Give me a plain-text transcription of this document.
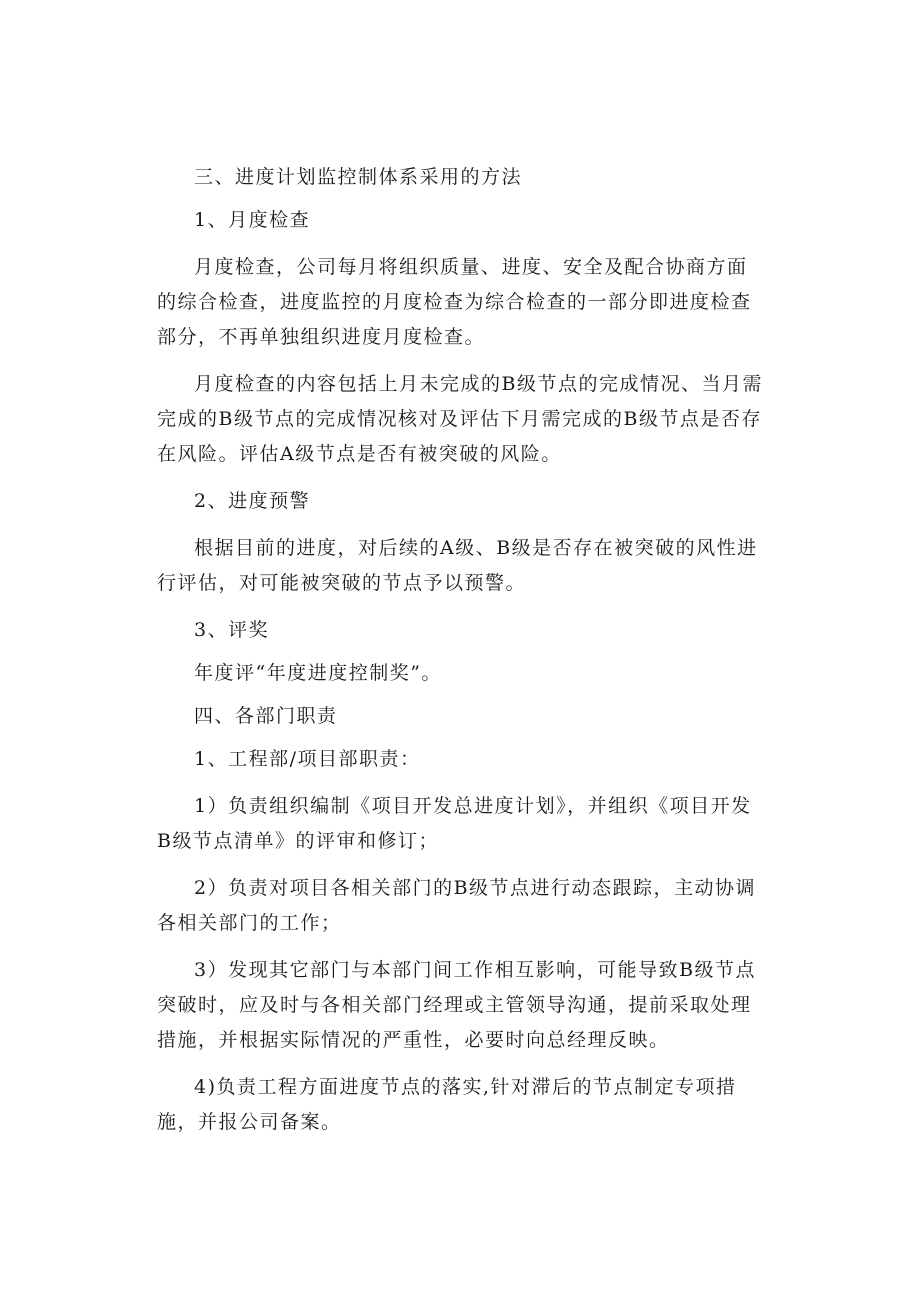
三、进度计划监控制体系采用的方法

1、月度检查

月度检查，公司每月将组织质量、进度、安全及配合协商方面的综合检查，进度监控的月度检查为综合检查的一部分即进度检查部分，不再单独组织进度月度检查。

月度检查的内容包括上月未完成的B级节点的完成情况、当月需完成的B级节点的完成情况核对及评估下月需完成的B级节点是否存在风险。评估A级节点是否有被突破的风险。

2、进度预警

根据目前的进度，对后续的A级、B级是否存在被突破的风性进行评估，对可能被突破的节点予以预警。

3、评奖

年度评“年度进度控制奖”。

四、各部门职责

1、工程部/项目部职责：

1）负责组织编制《项目开发总进度计划》，并组织《项目开发B级节点清单》的评审和修订；

2）负责对项目各相关部门的B级节点进行动态跟踪，主动协调各相关部门的工作；

3）发现其它部门与本部门间工作相互影响，可能导致B级节点突破时，应及时与各相关部门经理或主管领导沟通，提前采取处理措施，并根据实际情况的严重性，必要时向总经理反映。

4)负责工程方面进度节点的落实,针对滞后的节点制定专项措施，并报公司备案。
